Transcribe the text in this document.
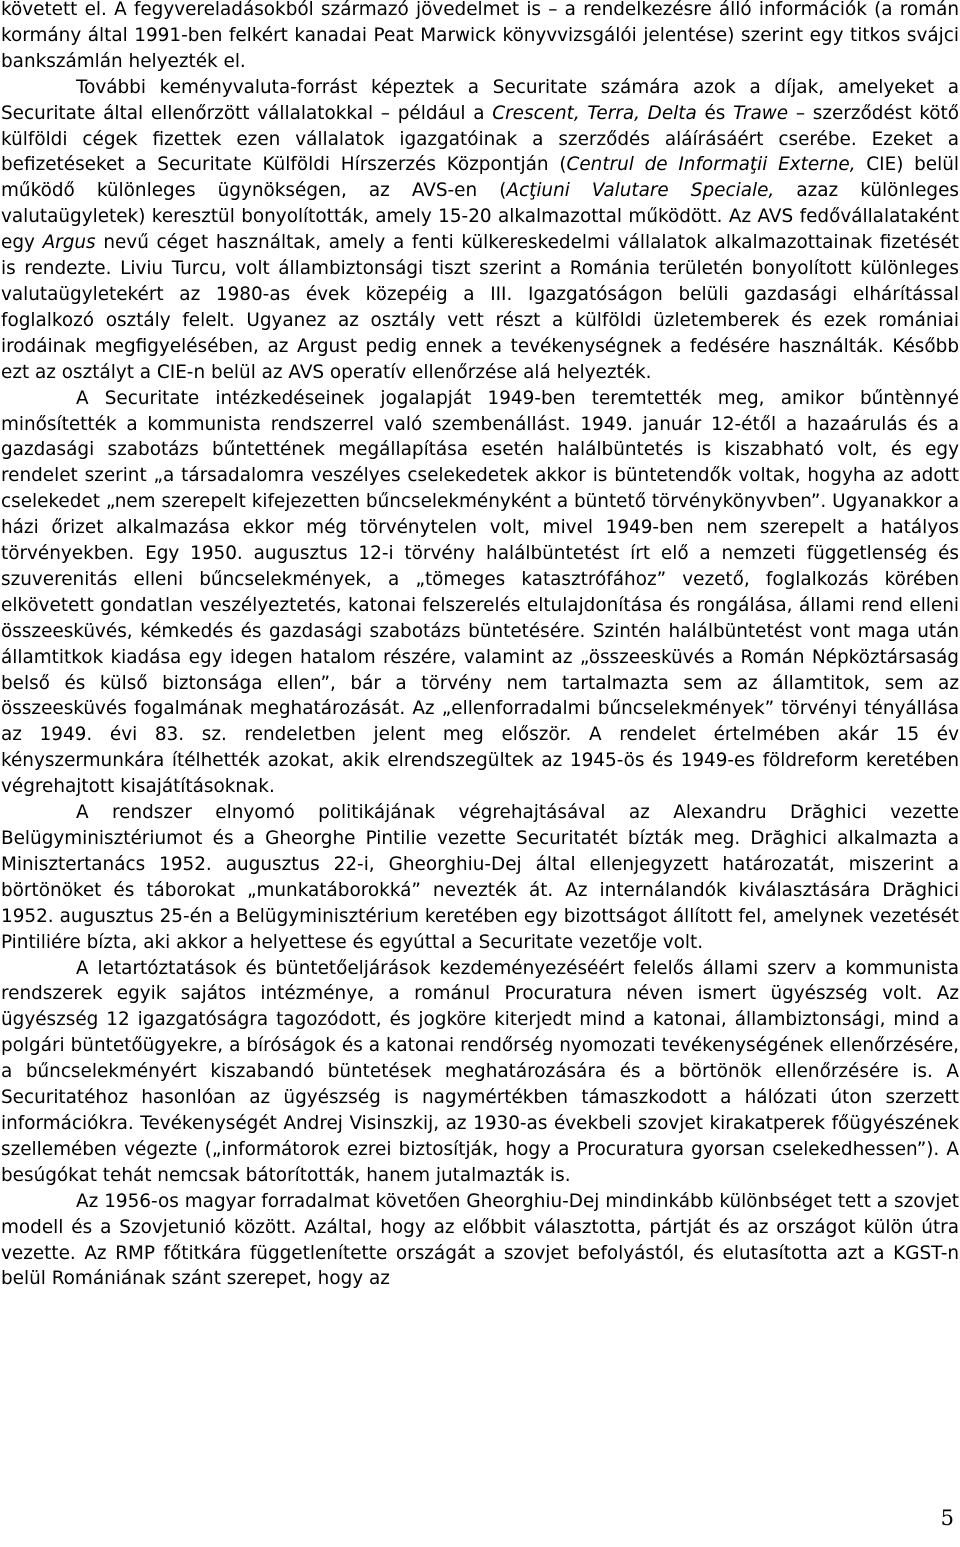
követett el. A fegyvereladásokból származó jövedelmet is – a rendelkezésre álló információk (a román kormány által 1991-ben felkért kanadai Peat Marwick könyvvizsgálói jelentése) szerint egy titkos svájci bankszámlán helyezték el.

További keményvaluta-forrást képeztek a Securitate számára azok a díjak, amelyeket a Securitate által ellenőrzött vállalatokkal – például a Crescent, Terra, Delta és Trawe – szerződést kötő külföldi cégek fizettek ezen vállalatok igazgatóinak a szerződés aláírásáért cserébe. Ezeket a befizetéseket a Securitate Külföldi Hírszerzés Központján (Centrul de Informaţii Externe, CIE) belül működő különleges ügynökségen, az AVS-en (Acţiuni Valutare Speciale, azaz különleges valutaügyletek) keresztül bonyolították, amely 15-20 alkalmazottal működött. Az AVS fedővállalataként egy Argus nevű céget használtak, amely a fenti külkereskedelmi vállalatok alkalmazottainak fizetését is rendezte. Liviu Turcu, volt állambiztonsági tiszt szerint a Románia területén bonyolított különleges valutaügyletekért az 1980-as évek közepéig a III. Igazgatóságon belüli gazdasági elhárítással foglalkozó osztály felelt. Ugyanez az osztály vett részt a külföldi üzletemberek és ezek romániai irodáinak megfigyelésében, az Argust pedig ennek a tevékenységnek a fedésére használták. Később ezt az osztályt a CIE-n belül az AVS operatív ellenőrzése alá helyezték.

A Securitate intézkedéseinek jogalapját 1949-ben teremtették meg, amikor bűntènnyé minősítették a kommunista rendszerrel való szembenállást. 1949. január 12-étől a hazaárulás és a gazdasági szabotázs bűntettének megállapítása esetén halálbüntetés is kiszabható volt, és egy rendelet szerint „a társadalomra veszélyes cselekedetek akkor is büntetendők voltak, hogyha az adott cselekedet „nem szerepelt kifejezetten bűncselekményként a büntető törvénykönyvben”. Ugyanakkor a házi őrizet alkalmazása ekkor még törvénytelen volt, mivel 1949-ben nem szerepelt a hatályos törvényekben. Egy 1950. augusztus 12-i törvény halálbüntetést írt elő a nemzeti függetlenség és szuverenitás elleni bűncselekmények, a „tömeges katasztrófához” vezető, foglalkozás körében elkövetett gondatlan veszélyeztetés, katonai felszerelés eltulajdonítása és rongálása, állami rend elleni összeesküvés, kémkedés és gazdasági szabotázs büntetésére. Szintén halálbüntetést vont maga után államtitkok kiadása egy idegen hatalom részére, valamint az „összeesküvés a Román Népköztársaság belső és külső biztonsága ellen”, bár a törvény nem tartalmazta sem az államtitok, sem az összeesküvés fogalmának meghatározását. Az „ellenforradalmi bűncselekmények” törvényi tényállása az 1949. évi 83. sz. rendeletben jelent meg először. A rendelet értelmében akár 15 év kényszermunkára ítélhették azokat, akik elrendszegültek az 1945-ös és 1949-es földreform keretében végrehajtott kisajátításoknak.

A rendszer elnyomó politikájának végrehajtásával az Alexandru Drăghici vezette Belügyminisztériumot és a Gheorghe Pintilie vezette Securitatét bízták meg. Drăghici alkalmazta a Minisztertanács 1952. augusztus 22-i, Gheorghiu-Dej által ellenjegyzett határozatát, miszerint a börtönöket és táborokat „munkatáborokká” nevezték át. Az internálandók kiválasztására Drăghici 1952. augusztus 25-én a Belügyminisztérium keretében egy bizottságot állított fel, amelynek vezetését Pintiliére bízta, aki akkor a helyettese és egyúttal a Securitate vezetője volt.

A letartóztatások és büntetőeljárások kezdeményezéséért felelős állami szerv a kommunista rendszerek egyik sajátos intézménye, a románul Procuratura néven ismert ügyészség volt. Az ügyészség 12 igazgatóságra tagozódott, és jogköre kiterjedt mind a katonai, állambiztonsági, mind a polgári büntetőügyekre, a bíróságok és a katonai rendőrség nyomozati tevékenységének ellenőrzésére, a bűncselekményért kiszabandó büntetések meghatározására és a börtönök ellenőrzésére is. A Securitatéhoz hasonlóan az ügyészség is nagymértékben támaszkodott a hálózati úton szerzett információkra. Tevékenységét Andrej Visinszkij, az 1930-as évekbeli szovjet kirakatperek főügyészének szellemében végezte („informátorok ezrei biztosítják, hogy a Procuratura gyorsan cselekedhessen”). A besúgókat tehát nemcsak bátorították, hanem jutalmazták is.

Az 1956-os magyar forradalmat követően Gheorghiu-Dej mindinkább különbséget tett a szovjet modell és a Szovjetunió között. Azáltal, hogy az előbbit választotta, pártját és az országot külön útra vezette. Az RMP főtitkára függetlenítette országát a szovjet befolyástól, és elutasította azt a KGST-n belül Romániának szánt szerepet, hogy az

5
